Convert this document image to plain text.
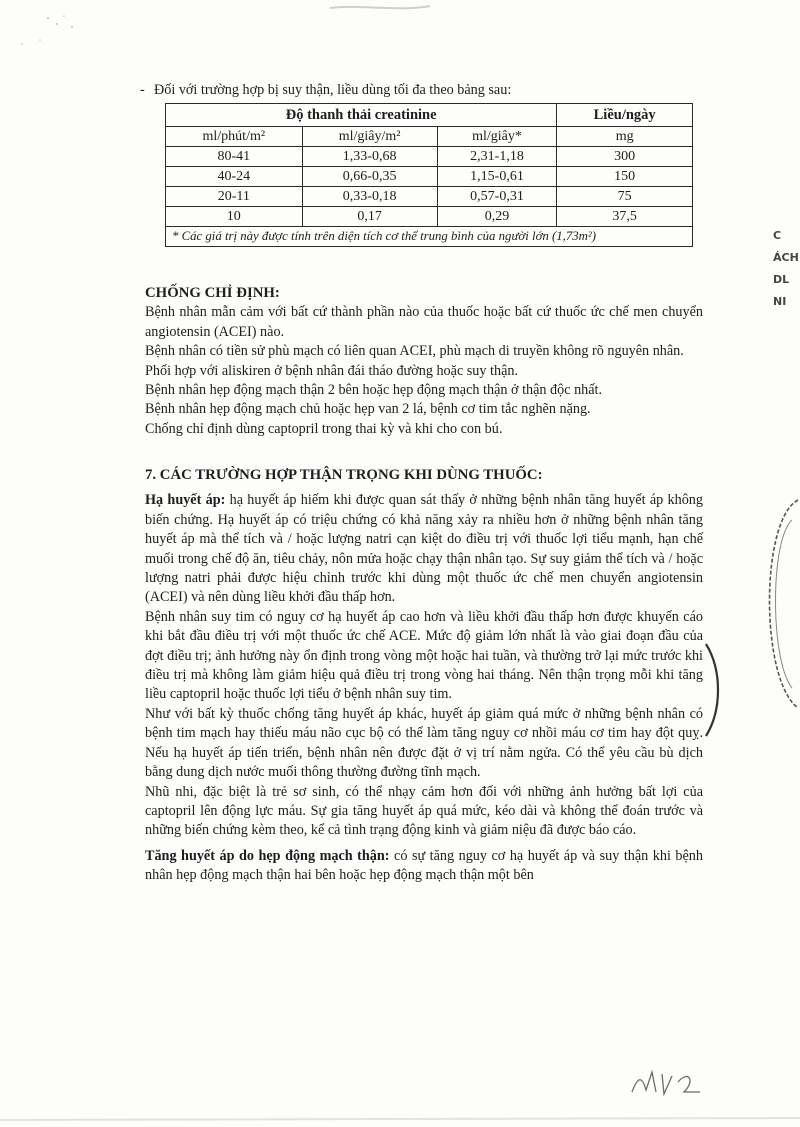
- Đối với trường hợp bị suy thận, liều dùng tối đa theo bảng sau:
Độ thanh thải creatinine			Liều/ngày
ml/phút/m²	ml/giây/m²	ml/giây*	mg
80-41	1,33-0,68	2,31-1,18	300
40-24	0,66-0,35	1,15-0,61	150
20-11	0,33-0,18	0,57-0,31	75
10	0,17	0,29	37,5
* Các giá trị này được tính trên diện tích cơ thể trung bình của người lớn (1,73m²)			
CHỐNG CHỈ ĐỊNH:
Bệnh nhân mẫn cảm với bất cứ thành phần nào của thuốc hoặc bất cứ thuốc ức chế men chuyển angiotensin (ACEI) nào.
Bệnh nhân có tiền sử phù mạch có liên quan ACEI, phù mạch di truyền không rõ nguyên nhân.
Phối hợp với aliskiren ở bệnh nhân đái tháo đường hoặc suy thận.
Bệnh nhân hẹp động mạch thận 2 bên hoặc hẹp động mạch thận ở thận độc nhất.
Bệnh nhân hẹp động mạch chủ hoặc hẹp van 2 lá, bệnh cơ tim tắc nghẽn nặng.
Chống chỉ định dùng captopril trong thai kỳ và khi cho con bú.
7. CÁC TRƯỜNG HỢP THẬN TRỌNG KHI DÙNG THUỐC:
Hạ huyết áp: hạ huyết áp hiếm khi được quan sát thấy ở những bệnh nhân tăng huyết áp không biến chứng. Hạ huyết áp có triệu chứng có khả năng xảy ra nhiều hơn ở những bệnh nhân tăng huyết áp mà thể tích và / hoặc lượng natri cạn kiệt do điều trị với thuốc lợi tiểu mạnh, hạn chế muối trong chế độ ăn, tiêu chảy, nôn mửa hoặc chạy thận nhân tạo. Sự suy giảm thể tích và / hoặc lượng natri phải được hiệu chỉnh trước khi dùng một thuốc ức chế men chuyển angiotensin (ACEI) và nên dùng liều khởi đầu thấp hơn.
Bệnh nhân suy tim có nguy cơ hạ huyết áp cao hơn và liều khởi đầu thấp hơn được khuyến cáo khi bắt đầu điều trị với một thuốc ức chế ACE. Mức độ giảm lớn nhất là vào giai đoạn đầu của đợt điều trị; ảnh hưởng này ổn định trong vòng một hoặc hai tuần, và thường trở lại mức trước khi điều trị mà không làm giảm hiệu quả điều trị trong vòng hai tháng. Nên thận trọng mỗi khi tăng liều captopril hoặc thuốc lợi tiểu ở bệnh nhân suy tim.
Như với bất kỳ thuốc chống tăng huyết áp khác, huyết áp giảm quá mức ở những bệnh nhân có bệnh tim mạch hay thiếu máu não cục bộ có thể làm tăng nguy cơ nhồi máu cơ tim hay đột quỵ. Nếu hạ huyết áp tiến triển, bệnh nhân nên được đặt ở vị trí nằm ngửa. Có thể yêu cầu bù dịch bằng dung dịch nước muối thông thường đường tĩnh mạch.
Nhũ nhi, đặc biệt là trẻ sơ sinh, có thể nhạy cảm hơn đối với những ảnh hưởng bất lợi của captopril lên động lực máu. Sự gia tăng huyết áp quá mức, kéo dài và không thể đoán trước và những biến chứng kèm theo, kể cả tình trạng động kinh và giảm niệu đã được báo cáo.
Tăng huyết áp do hẹp động mạch thận: có sự tăng nguy cơ hạ huyết áp và suy thận khi bệnh nhân hẹp động mạch thận hai bên hoặc hẹp động mạch thận một bên
C
ÁCH
DL
NI
